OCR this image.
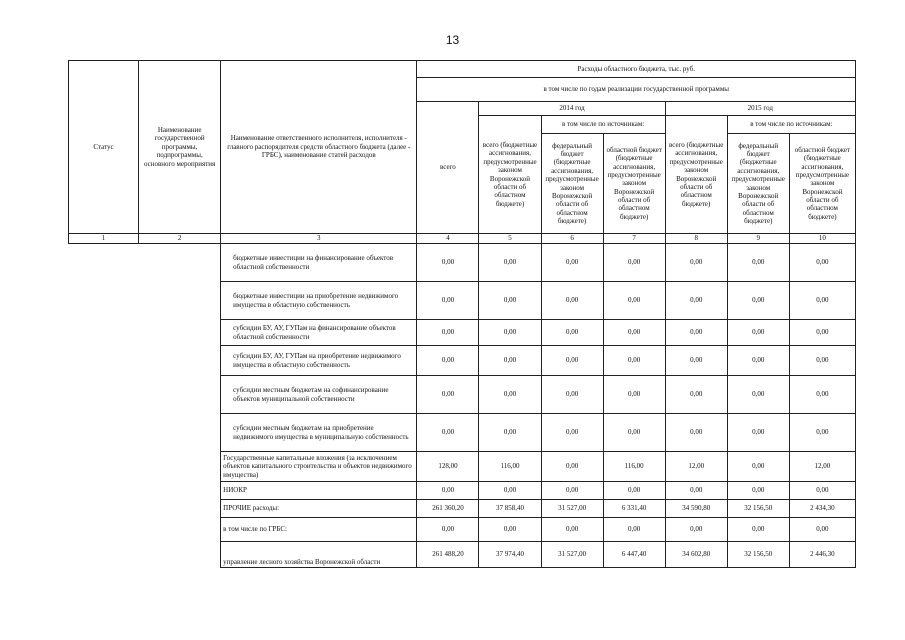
13
Статус	Наименование государственной программы, подпрограммы, основного мероприятия	Наименование ответственного исполнителя, исполнителя - главного распорядителя средств областного бюджета (далее - ГРБС), наименование статей расходов	Расходы областного бюджета, тыс. руб.						
			в том числе по годам реализации государственной программы						
			всего	2014 год			2015 год		
				всего (бюджетные ассигнования, предусмотренные законом Воронежской области об областном бюджете)	в том числе по источникам:		всего (бюджетные ассигнования, предусмотренные законом Воронежской области об областном бюджете)	в том числе по источникам:	
					федеральный бюджет (бюджетные ассигнования, предусмотренные законом Воронежской области об областном бюджете)	областной бюджет (бюджетные ассигнования, предусмотренные законом Воронежской области об областном бюджете)		федеральный бюджет (бюджетные ассигнования, предусмотренные законом Воронежской области об областном бюджете)	областной бюджет (бюджетные ассигнования, предусмотренные законом Воронежской области об областном бюджете)

1	2	3	4	5	6	7	8	9	10
		бюджетные инвестиции на финансирование объектов областной собственности	0,00	0,00	0,00	0,00	0,00	0,00	0,00
		бюджетные инвестиции на приобретение недвижимого имущества в областную собственность	0,00	0,00	0,00	0,00	0,00	0,00	0,00
		субсидии БУ, АУ, ГУПам на финансирование объектов областной собственности	0,00	0,00	0,00	0,00	0,00	0,00	0,00
		субсидии БУ, АУ, ГУПам на приобретение недвижимого имущества в областную собственность	0,00	0,00	0,00	0,00	0,00	0,00	0,00
		субсидии местным бюджетам на софинансирование объектов муниципальной собственности	0,00	0,00	0,00	0,00	0,00	0,00	0,00
		субсидии местным бюджетам на приобретение недвижимого имущества в муниципальную собственность	0,00	0,00	0,00	0,00	0,00	0,00	0,00
		Государственные капитальные вложения (за исключением объектов капитального строительства и объектов недвижимого имущества)	128,00	116,00	0,00	116,00	12,00	0,00	12,00
		НИОКР	0,00	0,00	0,00	0,00	0,00	0,00	0,00
		ПРОЧИЕ расходы:	261 360,20	37 858,40	31 527,00	6 331,40	34 590,80	32 156,50	2 434,30
		в том числе по ГРБС:	0,00	0,00	0,00	0,00	0,00	0,00	0,00
		управление лесного хозяйства Воронежской области	261 488,20	37 974,40	31 527,00	6 447,40	34 602,80	32 156,50	2 446,30
